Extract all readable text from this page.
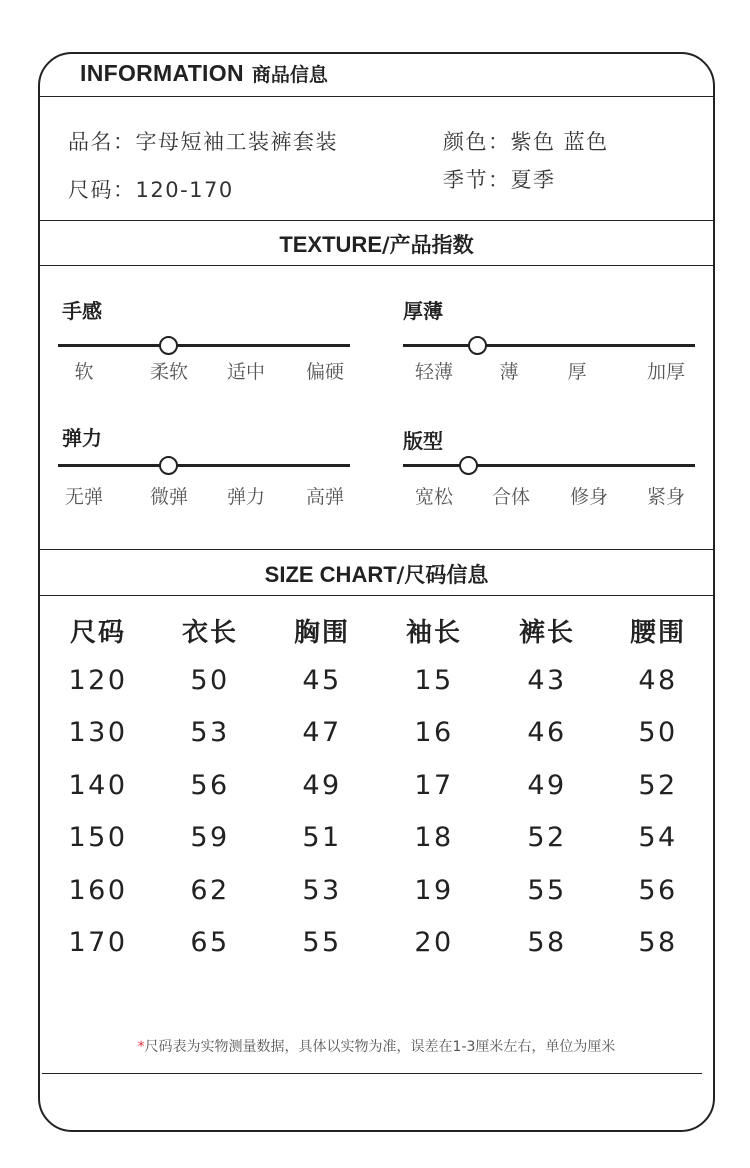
INFORMATION 商品信息
品名：字母短袖工装裤套装
尺码：120-170
颜色：紫色 蓝色
季节：夏季
TEXTURE/产品指数
手感
软	柔软 适中 偏硬
厚薄
轻薄 薄	厚	加厚
弹力
无弹 微弹 弹力 高弹
版型
宽松 合体 修身 紧身
SIZE CHART/尺码信息
尺码 衣长 胸围 袖长 裤长 腰围
120 50	45	15	43	48
130 53	47	16	46	50
140 56	49	17	49	52
150 59	51	18	52	54
160 62	53	19	55	56
170 65	55	20	58	58
*尺码表为实物测量数据，具体以实物为准，误差在1-3厘米左右，单位为厘米
